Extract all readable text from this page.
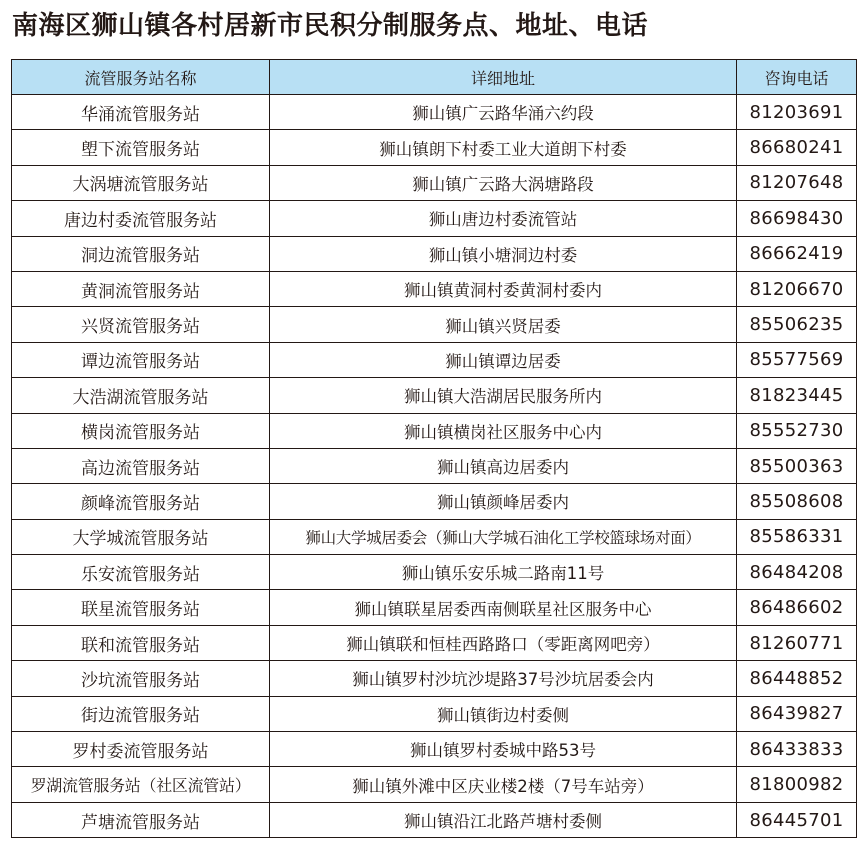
南海区狮山镇各村居新市民积分制服务点、地址、电话
流管服务站名称	详细地址	咨询电话
华涌流管服务站	狮山镇广云路华涌六约段	81203691
塱下流管服务站	狮山镇朗下村委工业大道朗下村委	86680241
大涡塘流管服务站	狮山镇广云路大涡塘路段	81207648
唐边村委流管服务站	狮山唐边村委流管站	86698430
洞边流管服务站	狮山镇小塘洞边村委	86662419
黄洞流管服务站	狮山镇黄洞村委黄洞村委内	81206670
兴贤流管服务站	狮山镇兴贤居委	85506235
谭边流管服务站	狮山镇谭边居委	85577569
大浩湖流管服务站	狮山镇大浩湖居民服务所内	81823445
横岗流管服务站	狮山镇横岗社区服务中心内	85552730
高边流管服务站	狮山镇高边居委内	85500363
颜峰流管服务站	狮山镇颜峰居委内	85508608
大学城流管服务站	狮山大学城居委会（狮山大学城石油化工学校篮球场对面）	85586331
乐安流管服务站	狮山镇乐安乐城二路南11号	86484208
联星流管服务站	狮山镇联星居委西南侧联星社区服务中心	86486602
联和流管服务站	狮山镇联和恒桂西路路口（零距离网吧旁）	81260771
沙坑流管服务站	狮山镇罗村沙坑沙堤路37号沙坑居委会内	86448852
街边流管服务站	狮山镇街边村委侧	86439827
罗村委流管服务站	狮山镇罗村委城中路53号	86433833
罗湖流管服务站（社区流管站）	狮山镇外滩中区庆业楼2楼（7号车站旁）	81800982
芦塘流管服务站	狮山镇沿江北路芦塘村委侧	86445701
